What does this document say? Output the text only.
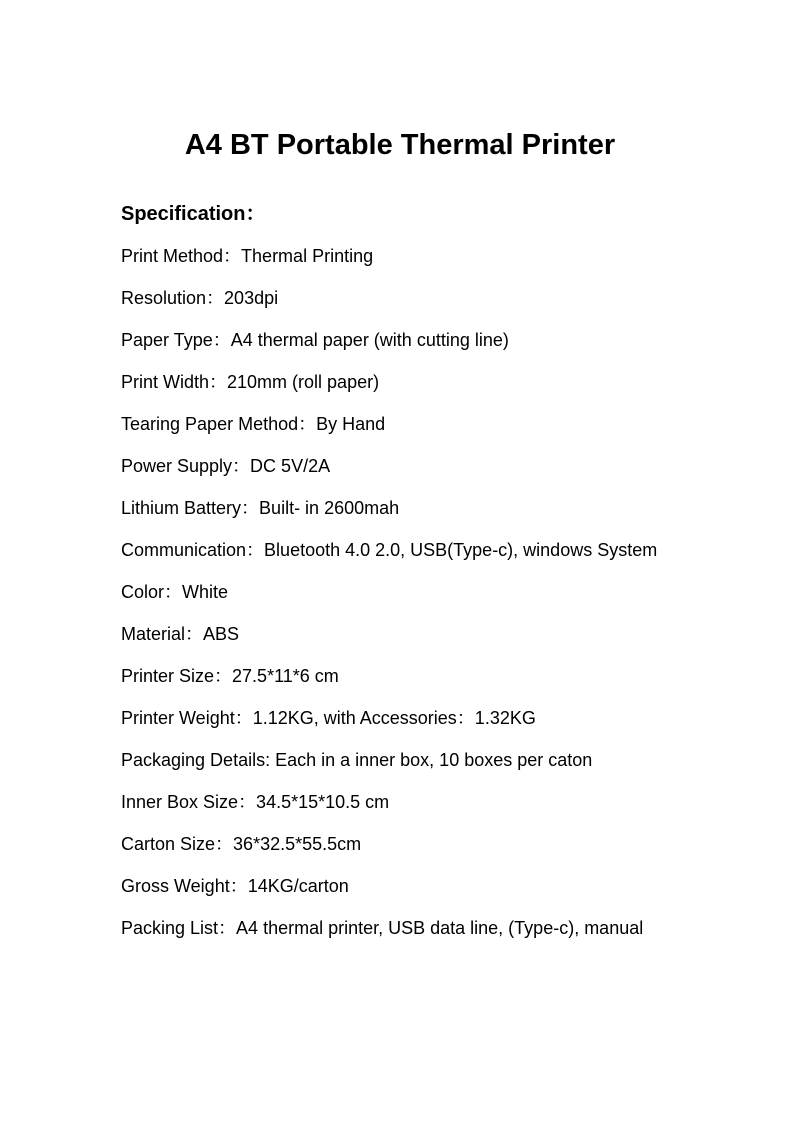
A4 BT Portable Thermal Printer
Specification：
Print Method：Thermal Printing
Resolution：203dpi
Paper Type：A4 thermal paper (with cutting line)
Print Width：210mm (roll paper)
Tearing Paper Method：By Hand
Power Supply：DC 5V/2A
Lithium Battery：Built- in 2600mah
Communication：Bluetooth 4.0 2.0, USB(Type-c), windows System
Color：White
Material：ABS
Printer Size：27.5*11*6 cm
Printer Weight：1.12KG, with Accessories：1.32KG
Packaging Details: Each in a inner box, 10 boxes per caton
Inner Box Size：34.5*15*10.5 cm
Carton Size：36*32.5*55.5cm
Gross Weight：14KG/carton
Packing List：A4 thermal printer, USB data line, (Type-c), manual
